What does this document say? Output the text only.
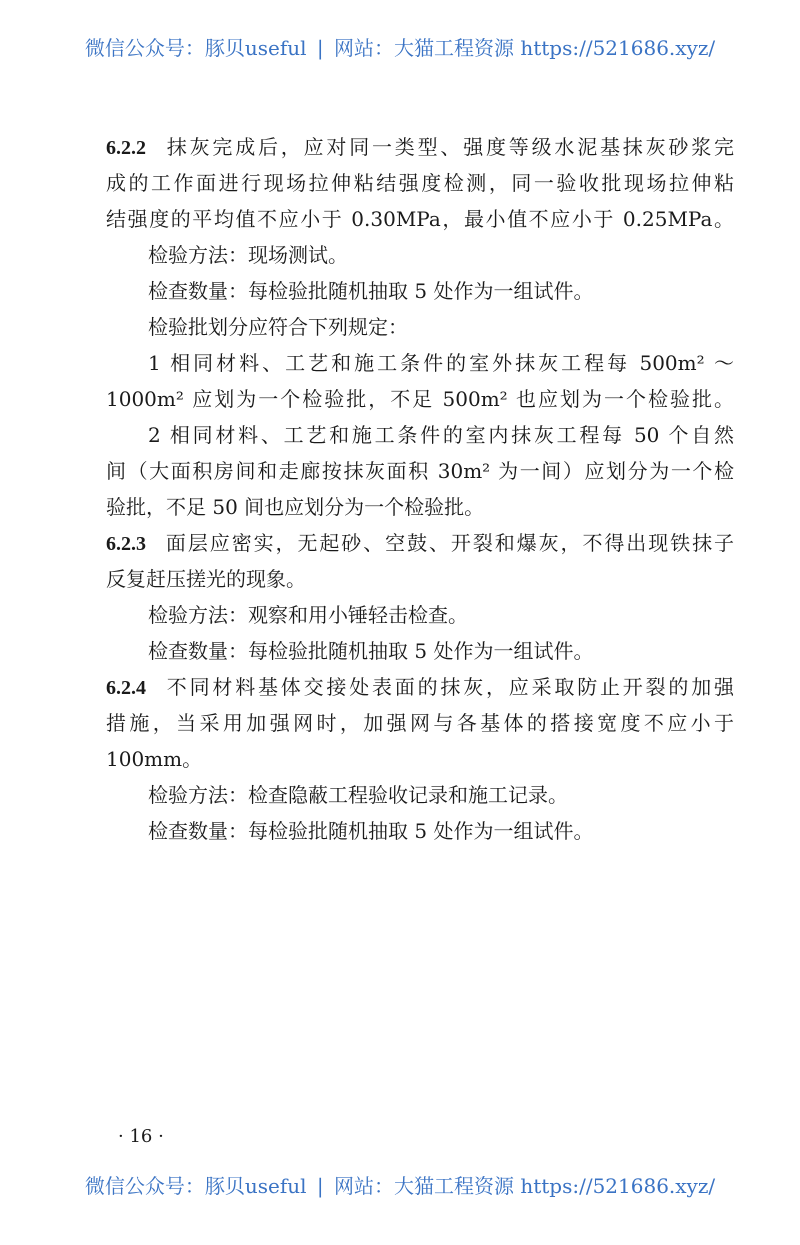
微信公众号：豚贝useful | 网站：大猫工程资源 https://521686.xyz/
6.2.2 抹灰完成后，应对同一类型、强度等级水泥基抹灰砂浆完
成的工作面进行现场拉伸粘结强度检测，同一验收批现场拉伸粘
结强度的平均值不应小于 0.30MPa，最小值不应小于 0.25MPa。
检验方法：现场测试。
检查数量：每检验批随机抽取 5 处作为一组试件。
检验批划分应符合下列规定：
1 相同材料、工艺和施工条件的室外抹灰工程每 500m² ～
1000m² 应划为一个检验批，不足 500m² 也应划为一个检验批。
2 相同材料、工艺和施工条件的室内抹灰工程每 50 个自然
间（大面积房间和走廊按抹灰面积 30m² 为一间）应划分为一个检
验批，不足 50 间也应划分为一个检验批。
6.2.3 面层应密实，无起砂、空鼓、开裂和爆灰，不得出现铁抹子
反复赶压搓光的现象。
检验方法：观察和用小锤轻击检查。
检查数量：每检验批随机抽取 5 处作为一组试件。
6.2.4 不同材料基体交接处表面的抹灰，应采取防止开裂的加强
措施，当采用加强网时，加强网与各基体的搭接宽度不应小于
100mm。
检验方法：检查隐蔽工程验收记录和施工记录。
检查数量：每检验批随机抽取 5 处作为一组试件。
· 16 ·
微信公众号：豚贝useful | 网站：大猫工程资源 https://521686.xyz/
